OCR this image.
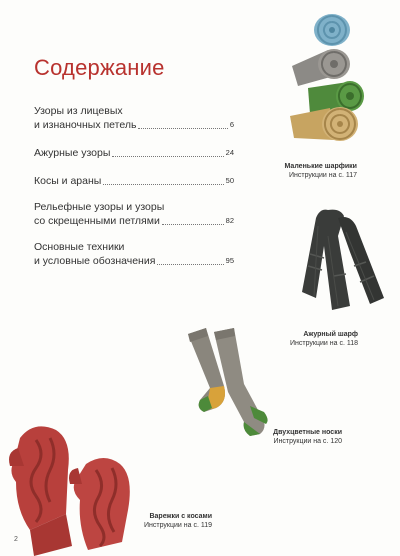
Содержание
Узоры из лицевых
и изнаночных петель	6
Ажурные узоры	24
Косы и араны	50
Рельефные узоры и узоры
со скрещенными петлями	82
Основные техники
и условные обозначения	95
Маленькие шарфики
Инструкции на с. 117
Ажурный шарф
Инструкции на с. 118
Двухцветные носки
Инструкции на с. 120
Варежки с косами
Инструкции на с. 119
2
